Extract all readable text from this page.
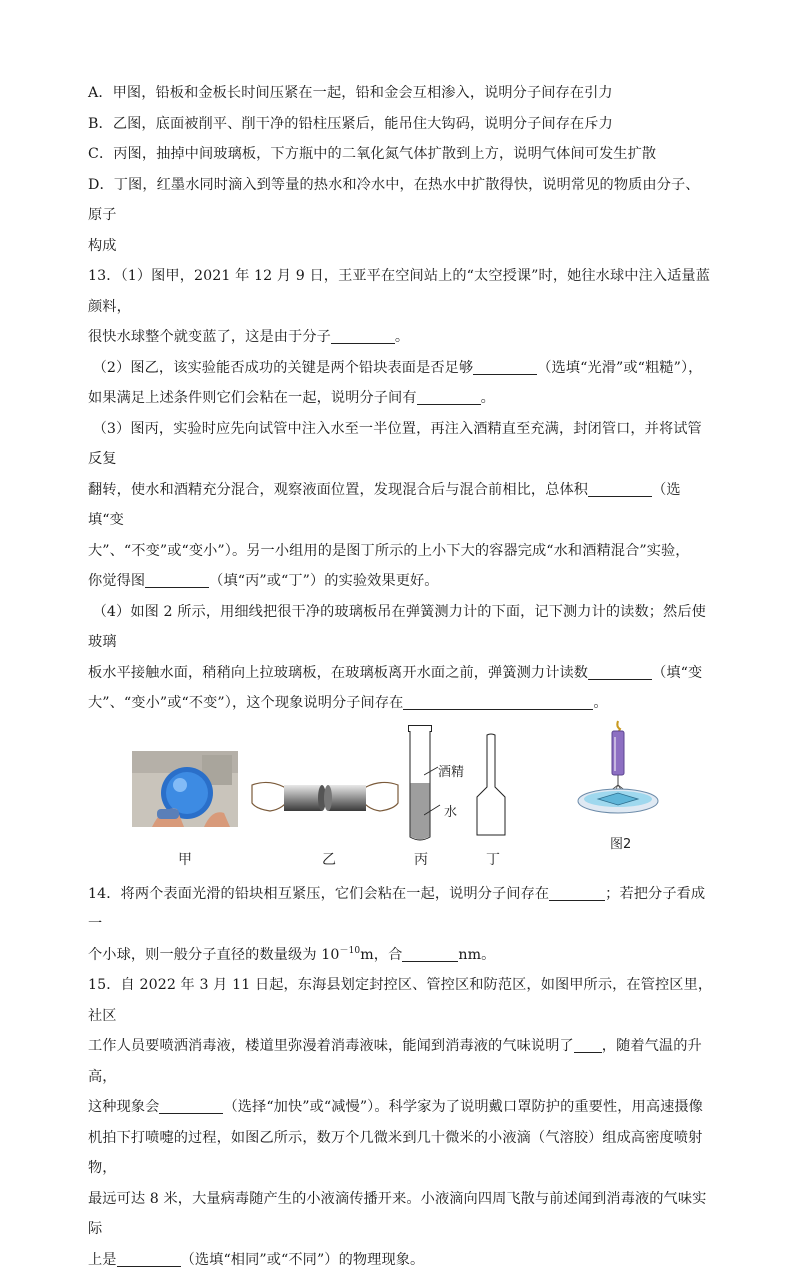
A．甲图，铅板和金板长时间压紧在一起，铅和金会互相渗入，说明分子间存在引力

B．乙图，底面被削平、削干净的铅柱压紧后，能吊住大钩码，说明分子间存在斥力

C．丙图，抽掉中间玻璃板，下方瓶中的二氧化氮气体扩散到上方，说明气体间可发生扩散

D．丁图，红墨水同时滴入到等量的热水和冷水中，在热水中扩散得快，说明常见的物质由分子、原子

构成

13．（1）图甲，2021 年 12 月 9 日，王亚平在空间站上的“太空授课”时，她往水球中注入适量蓝颜料，

很快水球整个就变蓝了，这是由于分子	。

（2）图乙，该实验能否成功的关键是两个铅块表面是否足够	（选填“光滑”或“粗糙”），

如果满足上述条件则它们会粘在一起，说明分子间有	。

（3）图丙，实验时应先向试管中注入水至一半位置，再注入酒精直至充满，封闭管口，并将试管反复

翻转，使水和酒精充分混合，观察液面位置，发现混合后与混合前相比，总体积	（选填“变

大”、“不变”或“变小”）。另一小组用的是图丁所示的上小下大的容器完成“水和酒精混合”实验，

你觉得图	（填“丙”或“丁”）的实验效果更好。

（4）如图 2 所示，用细线把很干净的玻璃板吊在弹簧测力计的下面，记下测力计的读数；然后使玻璃

板水平接触水面，稍稍向上拉玻璃板，在玻璃板离开水面之前，弹簧测力计读数	（填“变

大”、“变小”或“不变”），这个现象说明分子间存在	。

甲	乙
酒精
水
丙	丁
图2

14．将两个表面光滑的铅块相互紧压，它们会粘在一起，说明分子间存在	；若把分子看成一

个小球，则一般分子直径的数量级为 $10^{-10}m$，合	nm。

15．自 2022 年 3 月 11 日起，东海县划定封控区、管控区和防范区，如图甲所示，在管控区里，社区

工作人员要喷洒消毒液，楼道里弥漫着消毒液味，能闻到消毒液的气味说明了 ，随着气温的升高，

这种现象会	（选择“加快”或“减慢”）。科学家为了说明戴口罩防护的重要性，用高速摄像

机拍下打喷嚏的过程，如图乙所示，数万个几微米到几十微米的小液滴（气溶胶）组成高密度喷射物，

最远可达 8 米，大量病毒随产生的小液滴传播开来。小液滴向四周飞散与前述闻到消毒液的气味实际

上是	（选填“相同”或“不同”）的物理现象。
